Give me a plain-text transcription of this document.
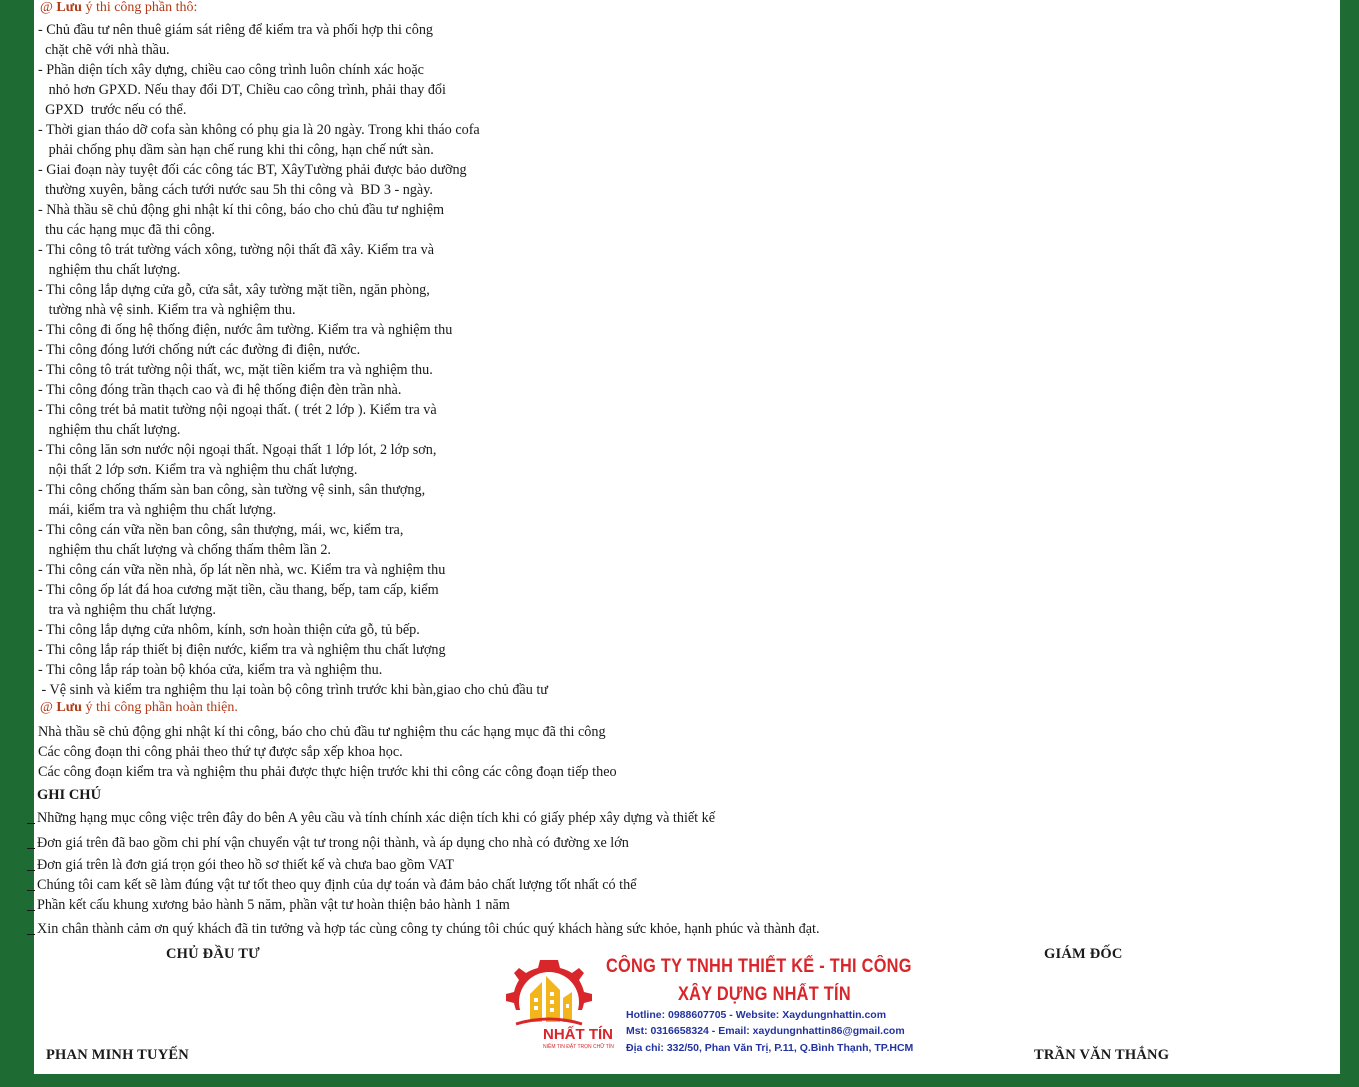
@ Lưu ý thi công phần thô:
- Chủ đầu tư nên thuê giám sát riêng để kiểm tra và phối hợp thi công
chặt chẽ với nhà thầu.
- Phần diện tích xây dựng, chiều cao công trình luôn chính xác hoặc
nhỏ hơn GPXD. Nếu thay đổi DT, Chiều cao công trình, phải thay đổi
GPXD  trước nếu có thể.
- Thời gian tháo dỡ cofa sàn không có phụ gia là 20 ngày. Trong khi tháo cofa
phải chống phụ dầm sàn hạn chế rung khi thi công, hạn chế nứt sàn.
- Giai đoạn này tuyệt đối các công tác BT, XâyTường phải được bảo dưỡng
thường xuyên, bằng cách tưới nước sau 5h thi công và  BD 3 - ngày.
- Nhà thầu sẽ chủ động ghi nhật kí thi công, báo cho chủ đầu tư nghiệm
thu các hạng mục đã thi công.
- Thi công tô trát tường vách xông, tường nội thất đã xây. Kiểm tra và
nghiệm thu chất lượng.
- Thi công lắp dựng cửa gỗ, cửa sắt, xây tường mặt tiền, ngăn phòng,
tường nhà vệ sinh. Kiểm tra và nghiệm thu.
- Thi công đi ống hệ thống điện, nước âm tường. Kiểm tra và nghiệm thu
- Thi công đóng lưới chống nứt các đường đi điện, nước.
- Thi công tô trát tường nội thất, wc, mặt tiền kiểm tra và nghiệm thu.
- Thi công đóng trần thạch cao và đi hệ thống điện đèn trần nhà.
- Thi công trét bả matit tường nội ngoại thất. ( trét 2 lớp ). Kiểm tra và
nghiệm thu chất lượng.
- Thi công lăn sơn nước nội ngoại thất. Ngoại thất 1 lớp lót, 2 lớp sơn,
nội thất 2 lớp sơn. Kiểm tra và nghiệm thu chất lượng.
- Thi công chống thấm sàn ban công, sàn tường vệ sinh, sân thượng,
mái, kiểm tra và nghiệm thu chất lượng.
- Thi công cán vữa nền ban công, sân thượng, mái, wc, kiểm tra,
nghiệm thu chất lượng và chống thấm thêm lần 2.
- Thi công cán vữa nền nhà, ốp lát nền nhà, wc. Kiểm tra và nghiệm thu
- Thi công ốp lát đá hoa cương mặt tiền, cầu thang, bếp, tam cấp, kiểm
tra và nghiệm thu chất lượng.
- Thi công lắp dựng cửa nhôm, kính, sơn hoàn thiện cửa gỗ, tủ bếp.
- Thi công lắp ráp thiết bị điện nước, kiểm tra và nghiệm thu chất lượng
- Thi công lắp ráp toàn bộ khóa cửa, kiểm tra và nghiệm thu.
- Vệ sinh và kiểm tra nghiệm thu lại toàn bộ công trình trước khi bàn,giao cho chủ đầu tư
@ Lưu ý thi công phần hoàn thiện.
Nhà thầu sẽ chủ động ghi nhật kí thi công, báo cho chủ đầu tư nghiệm thu các hạng mục đã thi công
Các công đoạn thi công phải theo thứ tự được sắp xếp khoa học.
Các công đoạn kiểm tra và nghiệm thu phải được thực hiện trước khi thi công các công đoạn tiếp theo
GHI CHÚ
Những hạng mục công việc trên đây do bên A yêu cầu và tính chính xác diện tích khi có giấy phép xây dựng và thiết kế
Đơn giá trên đã bao gồm chi phí vận chuyển vật tư trong nội thành, và áp dụng cho nhà có đường xe lớn
Đơn giá trên là đơn giá trọn gói theo hồ sơ thiết kế và chưa bao gồm VAT
Chúng tôi cam kết sẽ làm đúng vật tư tốt theo quy định của dự toán và đảm bảo chất lượng tốt nhất có thể
Phần kết cấu khung xương bảo hành 5 năm, phần vật tư hoàn thiện bảo hành 1 năm
Xin chân thành cảm ơn quý khách đã tin tưởng và hợp tác cùng công ty chúng tôi chúc quý khách hàng sức khỏe, hạnh phúc và thành đạt.
CHỦ ĐẦU TƯ
PHAN MINH TUYẾN
GIÁM ĐỐC
TRẦN VĂN THẮNG
NHẤT TÍN
NIỀM TIN ĐẶT TRỌN CHỮ TÍN
CÔNG TY TNHH THIẾT KẾ - THI CÔNG
XÂY DỰNG NHẤT TÍN
Hotline: 0988607705 - Website: Xaydungnhattin.com
Mst: 0316658324 - Email: xaydungnhattin86@gmail.com
Địa chỉ: 332/50, Phan Văn Trị, P.11, Q.Bình Thạnh, TP.HCM
